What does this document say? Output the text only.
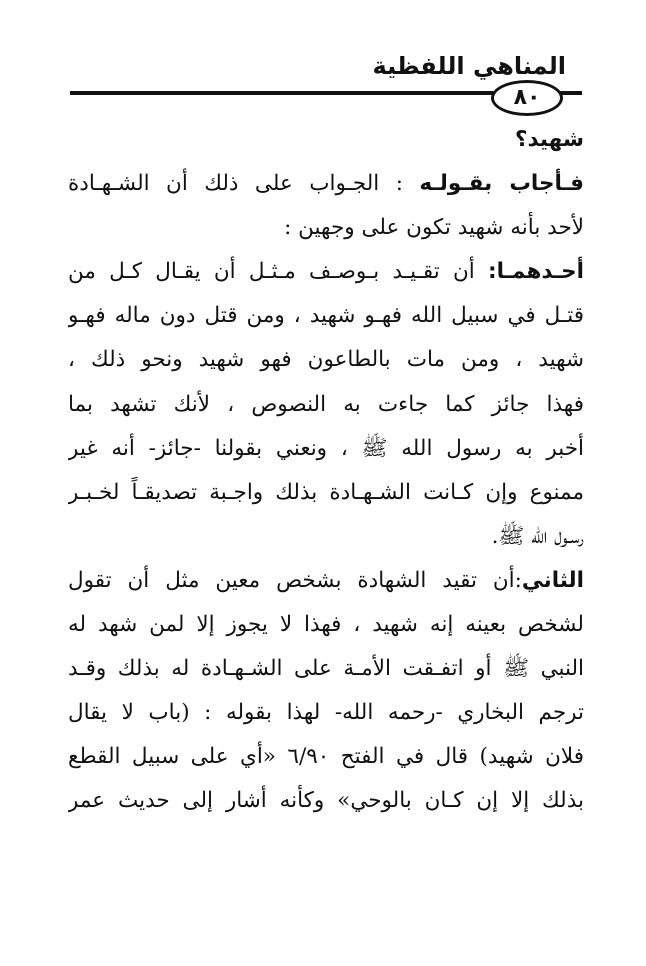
المناهي اللفظية
٨٠
شهيد؟
فـأجاب بقـولـه : الجـواب على ذلك أن الشـهـادة
لأحد بأنه شهيد تكون على وجهين :
أحـدهمـا: أن تقـيـد بـوصـف مـثـل أن يقـال كـل من
قتـل في سبيل الله فهـو شهيد ، ومن قتل دون ماله فهـو
شهيد ، ومن مات بالطاعون فهو شهيد ونحو ذلك ،
فهذا جائز كما جاءت به النصوص ، لأنك تشهد بما
أخبر به رسول الله ﷺ ، ونعني بقولنا -جائز- أنه غير
ممنوع وإن كـانت الشـهـادة بذلك واجـبة تصديقـاً لخـبـر
رسـول الله ﷺ.
الثاني:أن تقيد الشهادة بشخص معين مثل أن تقول
لشخص بعينه إنه شهيد ، فهذا لا يجوز إلا لمن شهد له
النبي ﷺ أو اتفـقت الأمـة على الشـهـادة له بذلك وقـد
ترجم البخاري -رحمه الله- لهذا بقوله : (باب لا يقال
فلان شهيد) قال في الفتح ٦/٩٠ «أي على سبيل القطع
بذلك إلا إن كـان بالوحي» وكأنه أشار إلى حديث عمر
